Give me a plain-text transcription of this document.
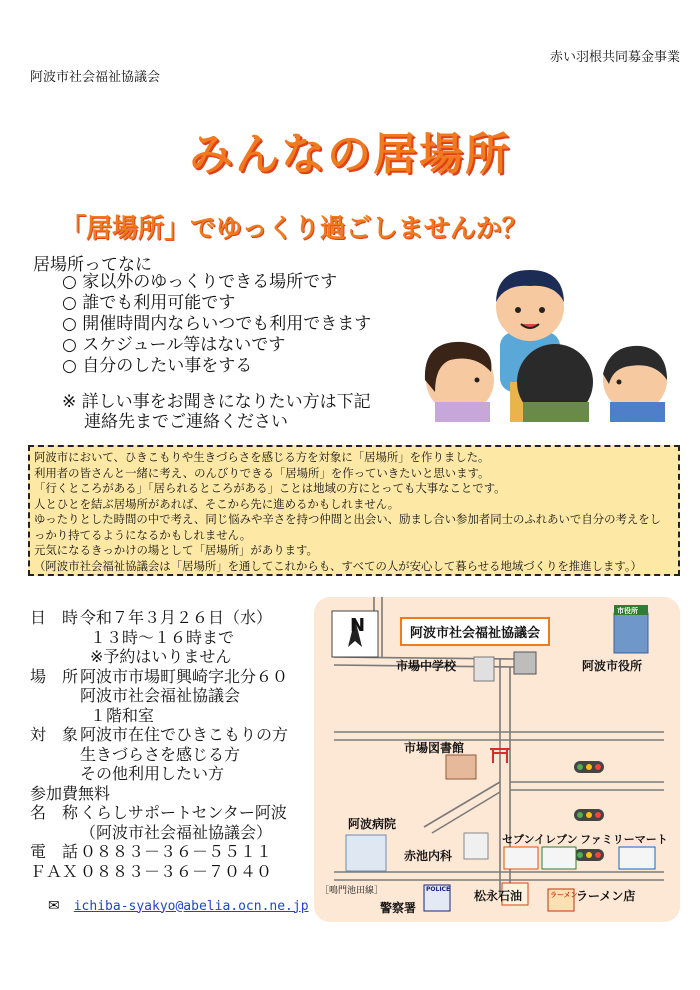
赤い羽根共同募金事業
阿波市社会福祉協議会
みんなの居場所
「居場所」でゆっくり過ごしませんか？
居場所ってなに
○ 家以外のゆっくりできる場所です
○ 誰でも利用可能です
○ 開催時間内ならいつでも利用できます
○ スケジュール等はないです
○ 自分のしたい事をする
※ 詳しい事をお聞きになりたい方は下記
連絡先までご連絡ください
阿波市において、ひきこもりや生きづらさを感じる方を対象に「居場所」を作りました。
利用者の皆さんと一緒に考え、のんびりできる「居場所」を作っていきたいと思います。
「行くところがある」「居られるところがある」ことは地域の方にとっても大事なことです。
人とひとを結ぶ居場所があれば、そこから先に進めるかもしれません。
ゆったりとした時間の中で考え、同じ悩みや辛さを持つ仲間と出会い、励まし合い参加者同士のふれあいで自分の考えをし
っかり持てるようになるかもしれません。
元気になるきっかけの場として「居場所」があります。
（阿波市社会福祉協議会は「居場所」を通してこれからも、すべての人が安心して暮らせる地域づくりを推進します。）
日　時 令和７年３月２６日（水）
１３時～１６時まで
※予約はいりません
場　所 阿波市市場町興崎字北分６０
阿波市社会福祉協議会
１階和室
対　象 阿波市在住でひきこもりの方
生きづらさを感じる方
その他利用したい方
参加費無料
名　称 くらしサポートセンター阿波
（阿波市社会福祉協議会）
電　話 ０８８３－３６－５５１１
ＦＡＸ ０８８３－３６－７０４０
✉ ichiba-syakyo@abelia.ocn.ne.jp
N	阿波市社会福祉協議会
市役所
市場中学校	阿波市役所
市場図書館
阿波病院
赤池内科
セブンイレブン ファミリーマート
［鳴門池田線］	POLICE
警察署
松永石油	ラーメン
ラーメン店
